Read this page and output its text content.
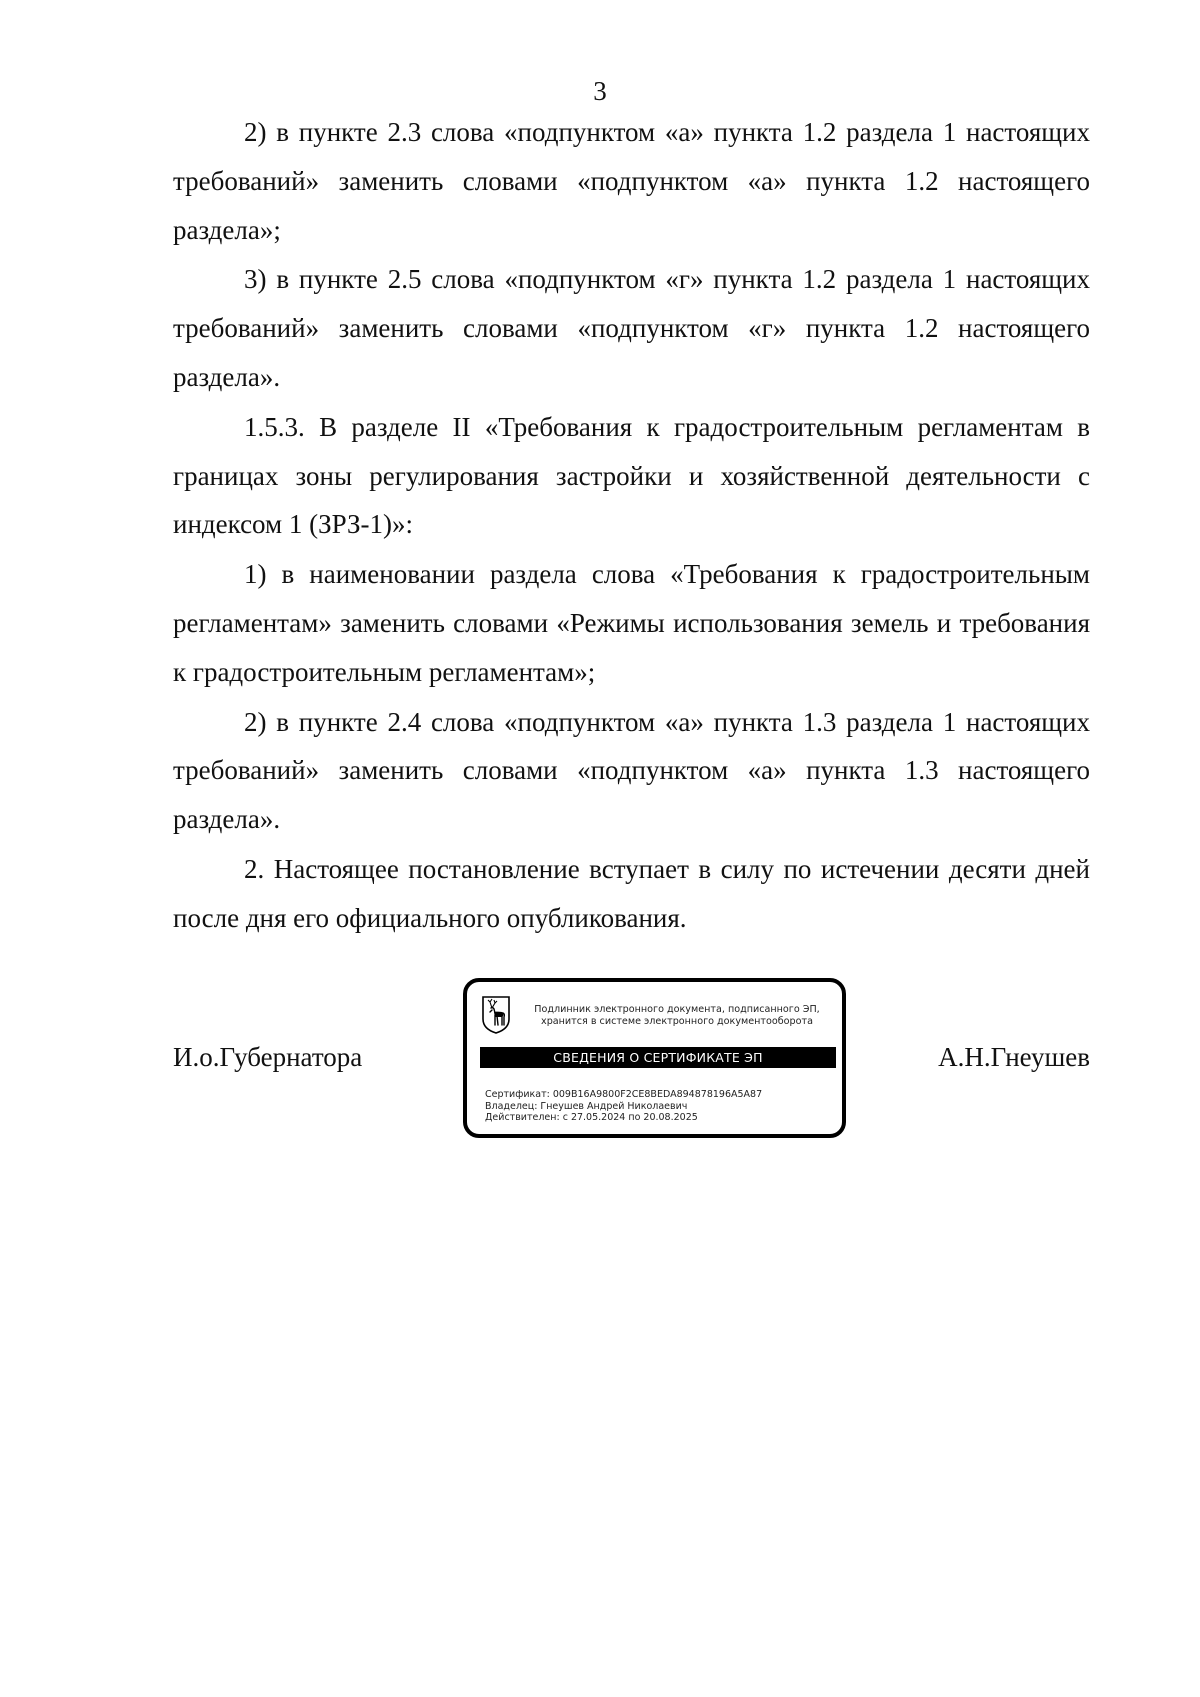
3

2) в пункте 2.3 слова «подпунктом «а» пункта 1.2 раздела 1 настоящих требований» заменить словами «подпунктом «а» пункта 1.2 настоящего раздела»;

3) в пункте 2.5 слова «подпунктом «г» пункта 1.2 раздела 1 настоящих требований» заменить словами «подпунктом «г» пункта 1.2 настоящего раздела».

1.5.3. В разделе II «Требования к градостроительным регламентам в границах зоны регулирования застройки и хозяйственной деятельности с индексом 1 (ЗРЗ-1)»:

1) в наименовании раздела слова «Требования к градостроительным регламентам» заменить словами «Режимы использования земель и требования к градостроительным регламентам»;

2) в пункте 2.4 слова «подпунктом «а» пункта 1.3 раздела 1 настоящих требований» заменить словами «подпунктом «а» пункта 1.3 настоящего раздела».

2. Настоящее постановление вступает в силу по истечении десяти дней после дня его официального опубликования.

И.о.Губернатора	А.Н.Гнеушев
Подлинник электронного документа, подписанного ЭП,
хранится в системе электронного документооборота
СВЕДЕНИЯ О СЕРТИФИКАТЕ ЭП
Сертификат: 009B16A9800F2CE8BEDA894878196A5A87
Владелец: Гнеушев Андрей Николаевич
Действителен: с 27.05.2024 по 20.08.2025
